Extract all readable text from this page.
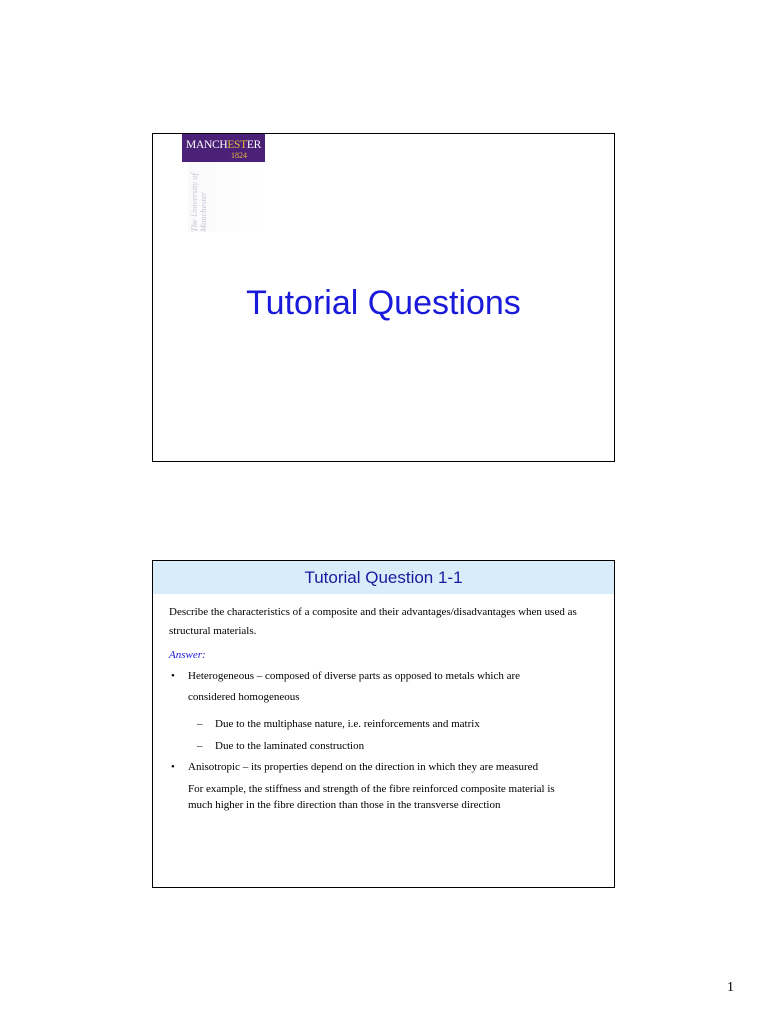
MANCHESTER
1824
The University of Manchester
Tutorial Questions
Tutorial Question 1-1

Describe the characteristics of a composite and their advantages/disadvantages when used as structural materials.

Answer:

• Heterogeneous – composed of diverse parts as opposed to metals which are
considered homogeneous

– Due to the multiphase nature, i.e. reinforcements and matrix

– Due to the laminated construction

• Anisotropic – its properties depend on the direction in which they are measured

For example, the stiffness and strength of the fibre reinforced composite material is much higher in the fibre direction than those in the transverse direction

1
